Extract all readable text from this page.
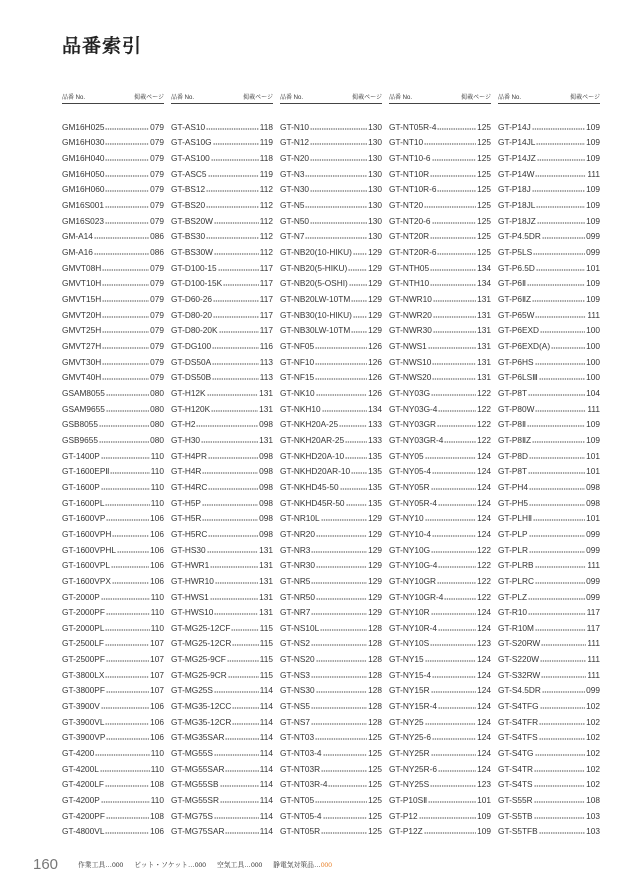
品番索引
品番 No.	掲載ページ
GM16H025	079
GM16H030	079
GM16H040	079
GM16H050	079
GM16H060	079
GM16S001	079
GM16S023	079
GM-A14	086
GM-A16	086
GMVT08H	079
GMVT10H	079
GMVT15H	079
GMVT20H	079
GMVT25H	079
GMVT27H	079
GMVT30H	079
GMVT40H	079
GSAM8055	080
GSAM9655	080
GSB8055	080
GSB9655	080
GT-1400P	110
GT-1600EPⅡ	110
GT-1600P	110
GT-1600PL	110
GT-1600VP	106
GT-1600VPH	106
GT-1600VPHL	106
GT-1600VPL	106
GT-1600VPX	106
GT-2000P	110
GT-2000PF	110
GT-2000PL	110
GT-2500LF	107
GT-2500PF	107
GT-3800LX	107
GT-3800PF	107
GT-3900V	106
GT-3900VL	106
GT-3900VP	106
GT-4200	110
GT-4200L	110
GT-4200LF	108
GT-4200P	110
GT-4200PF	108
GT-4800VL	106
品番 No.	掲載ページ
GT-AS10	118
GT-AS10G	119
GT-AS100	118
GT-ASC5	119
GT-BS12	112
GT-BS20	112
GT-BS20W	112
GT-BS30	112
GT-BS30W	112
GT-D100-15	117
GT-D100-15K	117
GT-D60-26	117
GT-D80-20	117
GT-D80-20K	117
GT-DG100	116
GT-DS50A	113
GT-DS50B	113
GT-H12K	131
GT-H120K	131
GT-H2	098
GT-H30	131
GT-H4PR	098
GT-H4R	098
GT-H4RC	098
GT-H5P	098
GT-H5R	098
GT-H5RC	098
GT-HS30	131
GT-HWR1	131
GT-HWR10	131
GT-HWS1	131
GT-HWS10	131
GT-MG25-12CF	115
GT-MG25-12CR	115
GT-MG25-9CF	115
GT-MG25-9CR	115
GT-MG25S	114
GT-MG35-12CC	114
GT-MG35-12CR	114
GT-MG35SAR	114
GT-MG55S	114
GT-MG55SAR	114
GT-MG55SB	114
GT-MG55SR	114
GT-MG75S	114
GT-MG75SAR	114
品番 No.	掲載ページ
GT-N10	130
GT-N12	130
GT-N20	130
GT-N3	130
GT-N30	130
GT-N5	130
GT-N50	130
GT-N7	130
GT-NB20(10-HIKU) 129
GT-NB20(5-HIKU)	129
GT-NB20(5-OSHI) 129
GT-NB20LW-10TM 129
GT-NB30(10-HIKU) 129
GT-NB30LW-10TM 129
GT-NF05	126
GT-NF10	126
GT-NF15	126
GT-NK10	126
GT-NKH10	134
GT-NKH20A-25	133
GT-NKH20AR-25	133
GT-NKHD20A-10	135
GT-NKHD20AR-10 135
GT-NKHD45-50	135
GT-NKHD45R-50	135
GT-NR10L	129
GT-NR20	129
GT-NR3	129
GT-NR30	129
GT-NR5	129
GT-NR50	129
GT-NR7	129
GT-NS10L	128
GT-NS2	128
GT-NS20	128
GT-NS3	128
GT-NS30	128
GT-NS5	128
GT-NS7	128
GT-NT03	125
GT-NT03-4	125
GT-NT03R	125
GT-NT03R-4	125
GT-NT05	125
GT-NT05-4	125
GT-NT05R	125
品番 No.	掲載ページ
GT-NT05R-4	125
GT-NT10	125
GT-NT10-6	125
GT-NT10R	125
GT-NT10R-6	125
GT-NT20	125
GT-NT20-6	125
GT-NT20R	125
GT-NT20R-6	125
GT-NTH05	134
GT-NTH10	134
GT-NWR10	131
GT-NWR20	131
GT-NWR30	131
GT-NWS1	131
GT-NWS10	131
GT-NWS20	131
GT-NY03G	122
GT-NY03G-4	122
GT-NY03GR	122
GT-NY03GR-4	122
GT-NY05	124
GT-NY05-4	124
GT-NY05R	124
GT-NY05R-4	124
GT-NY10	124
GT-NY10-4	124
GT-NY10G	122
GT-NY10G-4	122
GT-NY10GR	122
GT-NY10GR-4	122
GT-NY10R	124
GT-NY10R-4	124
GT-NY10S	123
GT-NY15	124
GT-NY15-4	124
GT-NY15R	124
GT-NY15R-4	124
GT-NY25	124
GT-NY25-6	124
GT-NY25R	124
GT-NY25R-6	124
GT-NY25S	123
GT-P10SⅡ	101
GT-P12	109
GT-P12Z	109
品番 No.	掲載ページ
GT-P14J	109
GT-P14JL	109
GT-P14JZ	109
GT-P14W	111
GT-P18J	109
GT-P18JL	109
GT-P18JZ	109
GT-P4.5DR	099
GT-P5LS	099
GT-P6.5D	101
GT-P6Ⅱ	109
GT-P6ⅡZ	109
GT-P65W	111
GT-P6EXD	100
GT-P6EXD(A)	100
GT-P6HS	100
GT-P6LSⅢ	100
GT-P8T	104
GT-P80W	111
GT-P8Ⅱ	109
GT-P8ⅡZ	109
GT-P8D	101
GT-P8T	101
GT-PH4	098
GT-PH5	098
GT-PLHⅡ	101
GT-PLP	099
GT-PLR	099
GT-PLRB	111
GT-PLRC	099
GT-PLZ	099
GT-R10	117
GT-R10M	117
GT-S20RW	111
GT-S220W	111
GT-S32RW	111
GT-S4.5DR	099
GT-S4TFG	102
GT-S4TFR	102
GT-S4TFS	102
GT-S4TG	102
GT-S4TR	102
GT-S4TS	102
GT-S55R	108
GT-S5TB	103
GT-S5TFB	103
160	作業工具…000 ビット・ソケット…000 空気工具…000 静電気対策品…000
